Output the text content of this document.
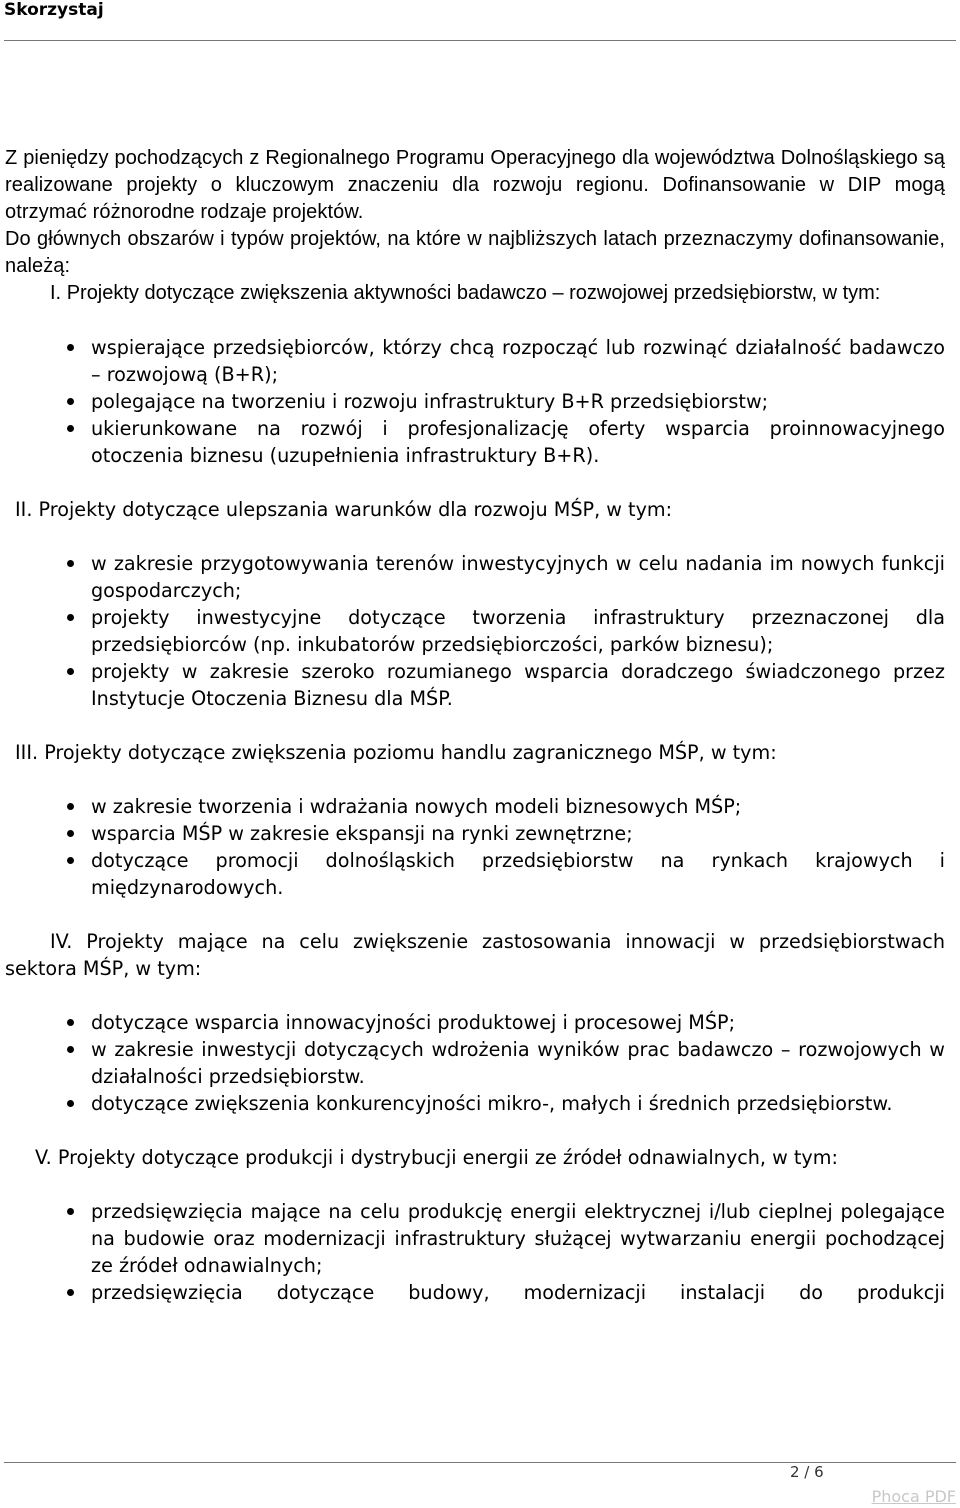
Skorzystaj

Z pieniędzy pochodzących z Regionalnego Programu Operacyjnego dla województwa Dolnośląskiego są realizowane projekty o kluczowym znaczeniu dla rozwoju regionu. Dofinansowanie w DIP mogą otrzymać różnorodne rodzaje projektów.

Do głównych obszarów i typów projektów, na które w najbliższych latach przeznaczymy dofinansowanie, należą:

I. Projekty dotyczące zwiększenia aktywności badawczo – rozwojowej przedsiębiorstw, w tym:

wspierające przedsiębiorców, którzy chcą rozpocząć lub rozwinąć działalność badawczo – rozwojową (B+R);
polegające na tworzeniu i rozwoju infrastruktury B+R przedsiębiorstw;
ukierunkowane na rozwój i profesjonalizację oferty wsparcia proinnowacyjnego otoczenia biznesu (uzupełnienia infrastruktury B+R).

II. Projekty dotyczące ulepszania warunków dla rozwoju MŚP, w tym:

w zakresie przygotowywania terenów inwestycyjnych w celu nadania im nowych funkcji gospodarczych;
projekty inwestycyjne dotyczące tworzenia infrastruktury przeznaczonej dla przedsiębiorców (np. inkubatorów przedsiębiorczości, parków biznesu);
projekty w zakresie szeroko rozumianego wsparcia doradczego świadczonego przez Instytucje Otoczenia Biznesu dla MŚP.

III. Projekty dotyczące zwiększenia poziomu handlu zagranicznego MŚP, w tym:

w zakresie tworzenia i wdrażania nowych modeli biznesowych MŚP;
wsparcia MŚP w zakresie ekspansji na rynki zewnętrzne;
dotyczące promocji dolnośląskich przedsiębiorstw na rynkach krajowych i międzynarodowych.

IV. Projekty mające na celu zwiększenie zastosowania innowacji w przedsiębiorstwach sektora MŚP, w tym:

dotyczące wsparcia innowacyjności produktowej i procesowej MŚP;
w zakresie inwestycji dotyczących wdrożenia wyników prac badawczo – rozwojowych w działalności przedsiębiorstw.
dotyczące zwiększenia konkurencyjności mikro-, małych i średnich przedsiębiorstw.

V. Projekty dotyczące produkcji i dystrybucji energii ze źródeł odnawialnych, w tym:

przedsięwzięcia mające na celu produkcję energii elektrycznej i/lub cieplnej polegające na budowie oraz modernizacji infrastruktury służącej wytwarzaniu energii pochodzącej ze źródeł odnawialnych;
przedsięwzięcia dotyczące budowy, modernizacji instalacji do produkcji
2 / 6
Phoca PDF
